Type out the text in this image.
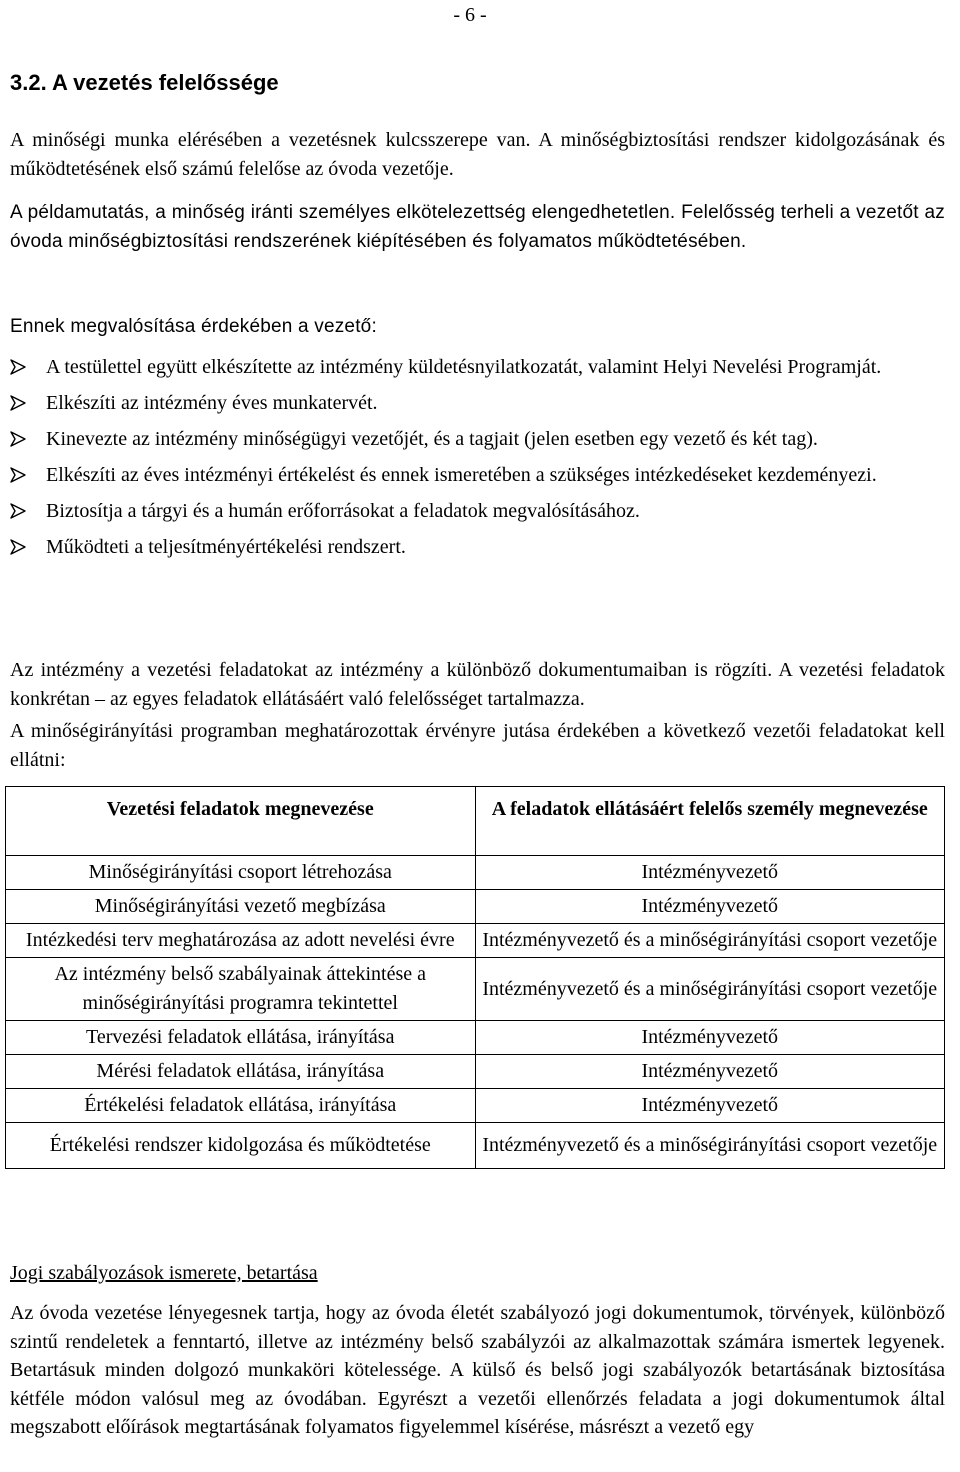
- 6 -
3.2. A vezetés felelőssége
A minőségi munka elérésében a vezetésnek kulcsszerepe van. A minőségbiztosítási rendszer kidolgozásának és működtetésének első számú felelőse az óvoda vezetője.
A példamutatás, a minőség iránti személyes elkötelezettség elengedhetetlen. Felelősség terheli a vezetőt az óvoda minőségbiztosítási rendszerének kiépítésében és folyamatos működtetésében.
Ennek megvalósítása érdekében a vezető:
A testülettel együtt elkészítette az intézmény küldetésnyilatkozatát, valamint Helyi Nevelési Programját.
Elkészíti az intézmény éves munkatervét.
Kinevezte az intézmény minőségügyi vezetőjét, és a tagjait (jelen esetben egy vezető és két tag).
Elkészíti az éves intézményi értékelést és ennek ismeretében a szükséges intézkedéseket kezdeményezi.
Biztosítja a tárgyi és a humán erőforrásokat a feladatok megvalósításához.
Működteti a teljesítményértékelési rendszert.
Az intézmény a vezetési feladatokat az intézmény a különböző dokumentumaiban is rögzíti. A vezetési feladatok konkrétan – az egyes feladatok ellátásáért való felelősséget tartalmazza.
A minőségirányítási programban meghatározottak érvényre jutása érdekében a következő vezetői feladatokat kell ellátni:
Vezetési feladatok megnevezése	A feladatok ellátásáért felelős személy megnevezése
Minőségirányítási csoport létrehozása	Intézményvezető
Minőségirányítási vezető megbízása	Intézményvezető
Intézkedési terv meghatározása az adott nevelési évre	Intézményvezető és a minőségirányítási csoport vezetője
Az intézmény belső szabályainak áttekintése a minőségirányítási programra tekintettel	Intézményvezető és a minőségirányítási csoport vezetője
Tervezési feladatok ellátása, irányítása	Intézményvezető
Mérési feladatok ellátása, irányítása	Intézményvezető
Értékelési feladatok ellátása, irányítása	Intézményvezető
Értékelési rendszer kidolgozása és működtetése	Intézményvezető és a minőségirányítási csoport vezetője
Jogi szabályozások ismerete, betartása
Az óvoda vezetése lényegesnek tartja, hogy az óvoda életét szabályozó jogi dokumentumok, törvények, különböző szintű rendeletek a fenntartó, illetve az intézmény belső szabályzói az alkalmazottak számára ismertek legyenek. Betartásuk minden dolgozó munkaköri kötelessége. A külső és belső jogi szabályozók betartásának biztosítása kétféle módon valósul meg az óvodában. Egyrészt a vezetői ellenőrzés feladata a jogi dokumentumok által megszabott előírások megtartásának folyamatos figyelemmel kísérése, másrészt a vezető egy
